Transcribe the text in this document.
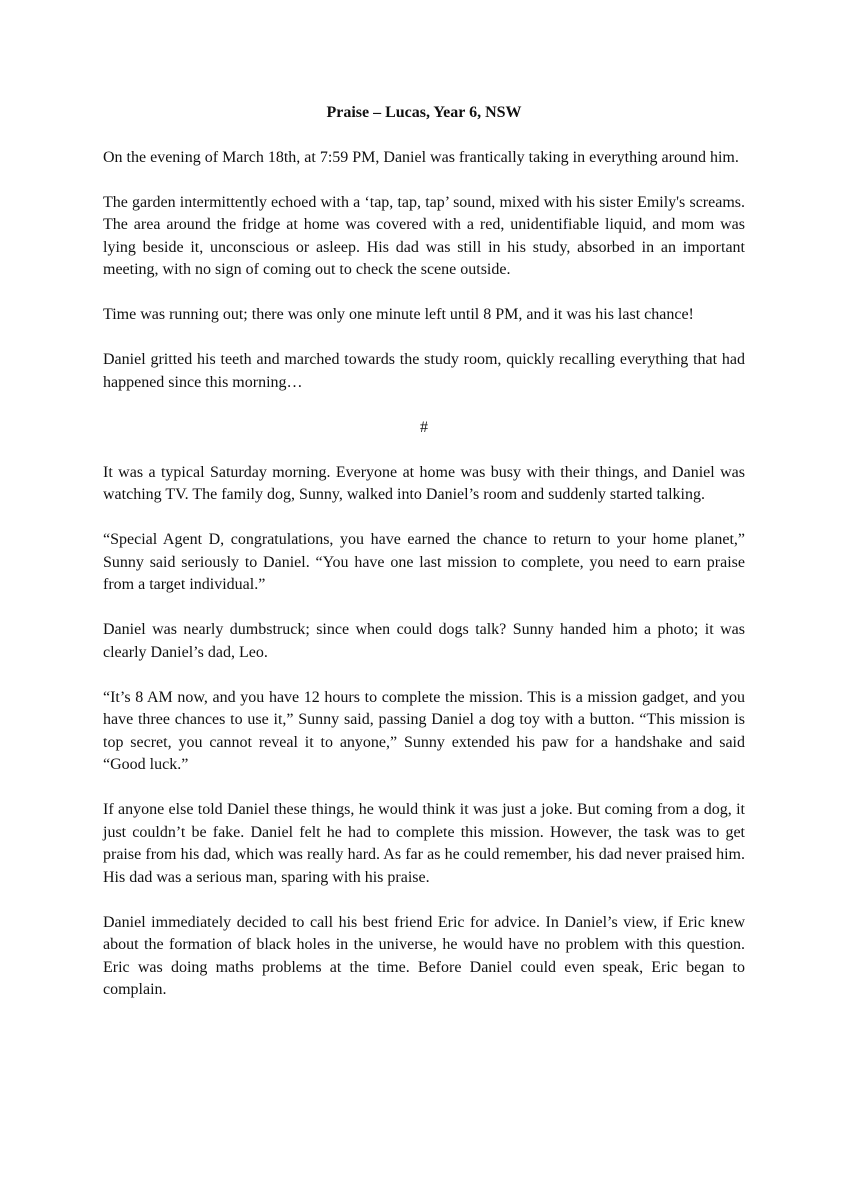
Praise – Lucas, Year 6, NSW

On the evening of March 18th, at 7:59 PM, Daniel was frantically taking in everything around him.

The garden intermittently echoed with a ‘tap, tap, tap’ sound, mixed with his sister Emily's screams. The area around the fridge at home was covered with a red, unidentifiable liquid, and mom was lying beside it, unconscious or asleep. His dad was still in his study, absorbed in an important meeting, with no sign of coming out to check the scene outside.

Time was running out; there was only one minute left until 8 PM, and it was his last chance!

Daniel gritted his teeth and marched towards the study room, quickly recalling everything that had happened since this morning…

#

It was a typical Saturday morning. Everyone at home was busy with their things, and Daniel was watching TV. The family dog, Sunny, walked into Daniel’s room and suddenly started talking.

“Special Agent D, congratulations, you have earned the chance to return to your home planet,” Sunny said seriously to Daniel. “You have one last mission to complete, you need to earn praise from a target individual.”

Daniel was nearly dumbstruck; since when could dogs talk? Sunny handed him a photo; it was clearly Daniel’s dad, Leo.

“It’s 8 AM now, and you have 12 hours to complete the mission. This is a mission gadget, and you have three chances to use it,” Sunny said, passing Daniel a dog toy with a button. “This mission is top secret, you cannot reveal it to anyone,” Sunny extended his paw for a handshake and said “Good luck.”

If anyone else told Daniel these things, he would think it was just a joke. But coming from a dog, it just couldn’t be fake. Daniel felt he had to complete this mission. However, the task was to get praise from his dad, which was really hard. As far as he could remember, his dad never praised him. His dad was a serious man, sparing with his praise.

Daniel immediately decided to call his best friend Eric for advice. In Daniel’s view, if Eric knew about the formation of black holes in the universe, he would have no problem with this question. Eric was doing maths problems at the time. Before Daniel could even speak, Eric began to complain.
